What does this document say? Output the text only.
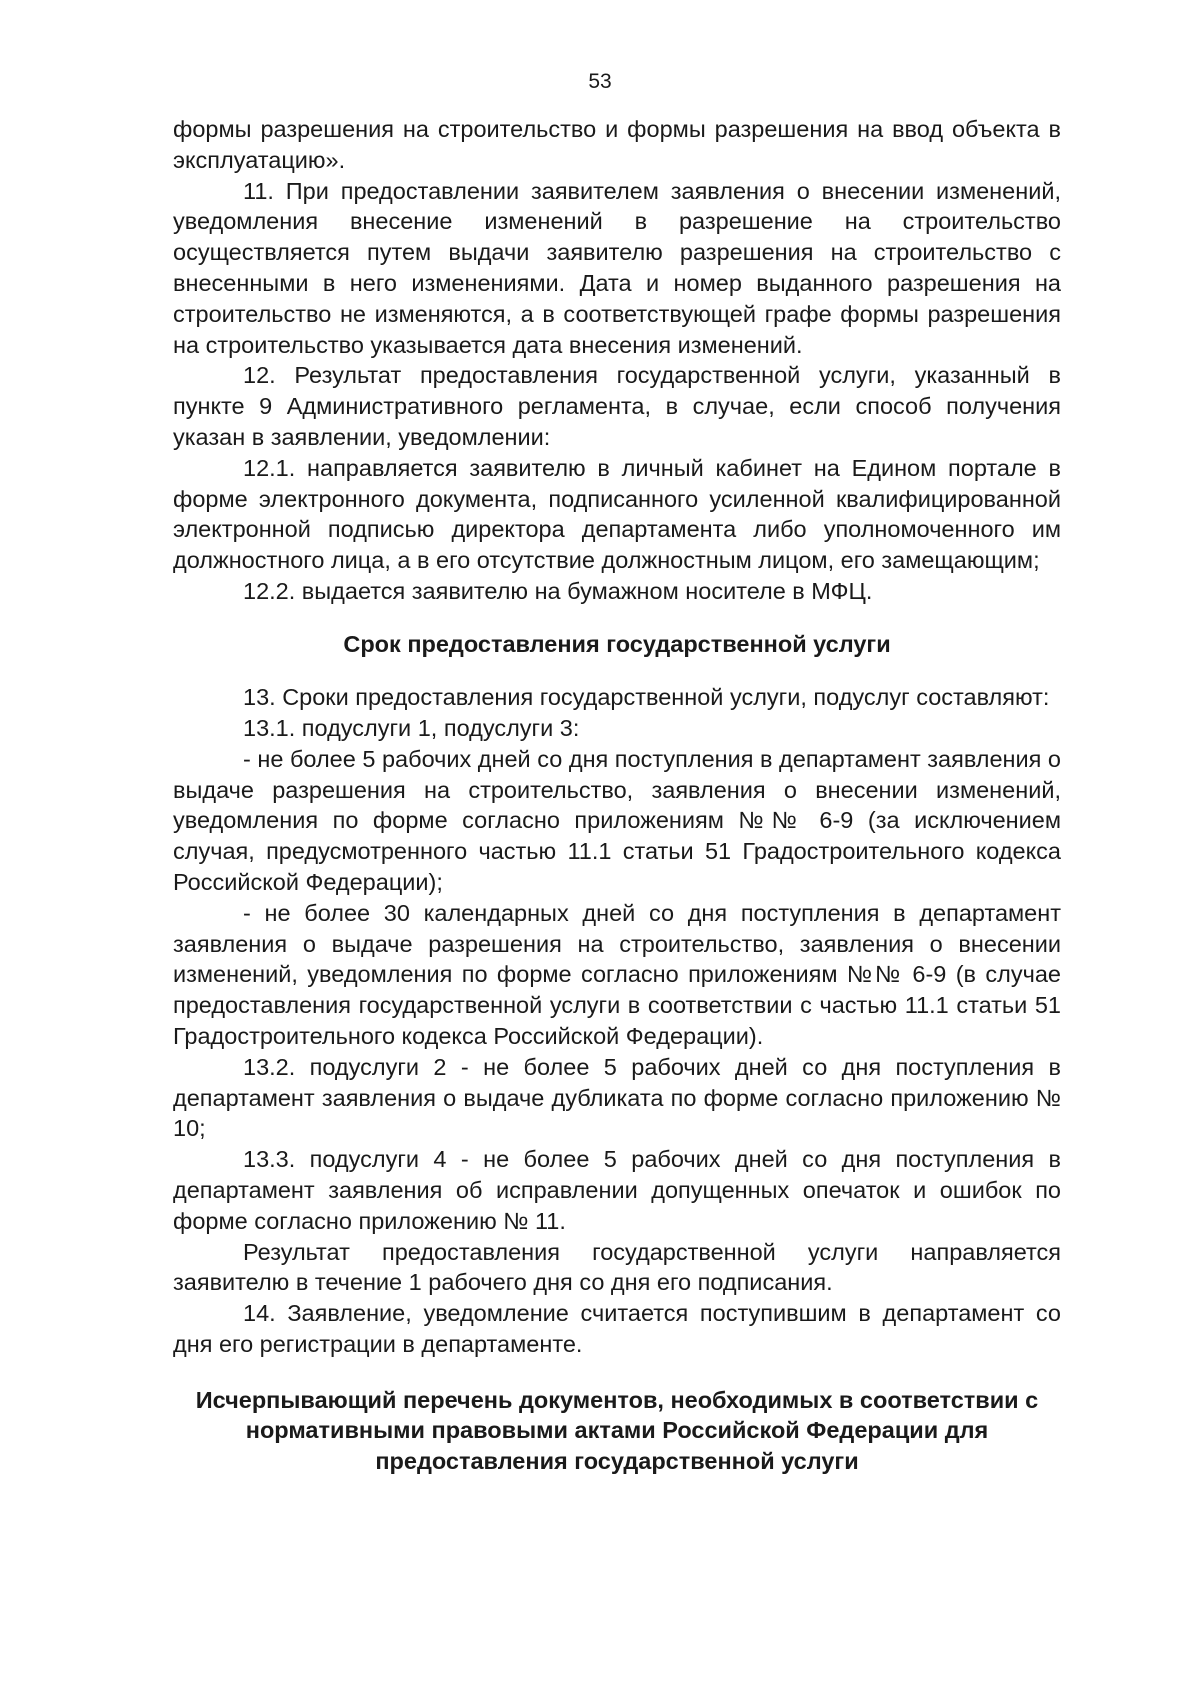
53

формы разрешения на строительство и формы разрешения на ввод объекта в эксплуатацию».

11. При предоставлении заявителем заявления о внесении изменений, уведомления внесение изменений в разрешение на строительство осуществляется путем выдачи заявителю разрешения на строительство с внесенными в него изменениями. Дата и номер выданного разрешения на строительство не изменяются, а в соответствующей графе формы разрешения на строительство указывается дата внесения изменений.

12. Результат предоставления государственной услуги, указанный в пункте 9 Административного регламента, в случае, если способ получения указан в заявлении, уведомлении:

12.1. направляется заявителю в личный кабинет на Едином портале в форме электронного документа, подписанного усиленной квалифицированной электронной подписью директора департамента либо уполномоченного им должностного лица, а в его отсутствие должностным лицом, его замещающим;

12.2. выдается заявителю на бумажном носителе в МФЦ.

Срок предоставления государственной услуги

13. Сроки предоставления государственной услуги, подуслуг составляют:

13.1. подуслуги 1, подуслуги 3:

- не более 5 рабочих дней со дня поступления в департамент заявления о выдаче разрешения на строительство, заявления о внесении изменений, уведомления по форме согласно приложениям №№ 6-9 (за исключением случая, предусмотренного частью 11.1 статьи 51 Градостроительного кодекса Российской Федерации);

- не более 30 календарных дней со дня поступления в департамент заявления о выдаче разрешения на строительство, заявления о внесении изменений, уведомления по форме согласно приложениям №№ 6-9 (в случае предоставления государственной услуги в соответствии с частью 11.1 статьи 51 Градостроительного кодекса Российской Федерации).

13.2. подуслуги 2 - не более 5 рабочих дней со дня поступления в департамент заявления о выдаче дубликата по форме согласно приложению № 10;

13.3. подуслуги 4 - не более 5 рабочих дней со дня поступления в департамент заявления об исправлении допущенных опечаток и ошибок по форме согласно приложению № 11.

Результат предоставления государственной услуги направляется заявителю в течение 1 рабочего дня со дня его подписания.

14. Заявление, уведомление считается поступившим в департамент со дня его регистрации в департаменте.

Исчерпывающий перечень документов, необходимых в соответствии с
нормативными правовыми актами Российской Федерации для
предоставления государственной услуги
